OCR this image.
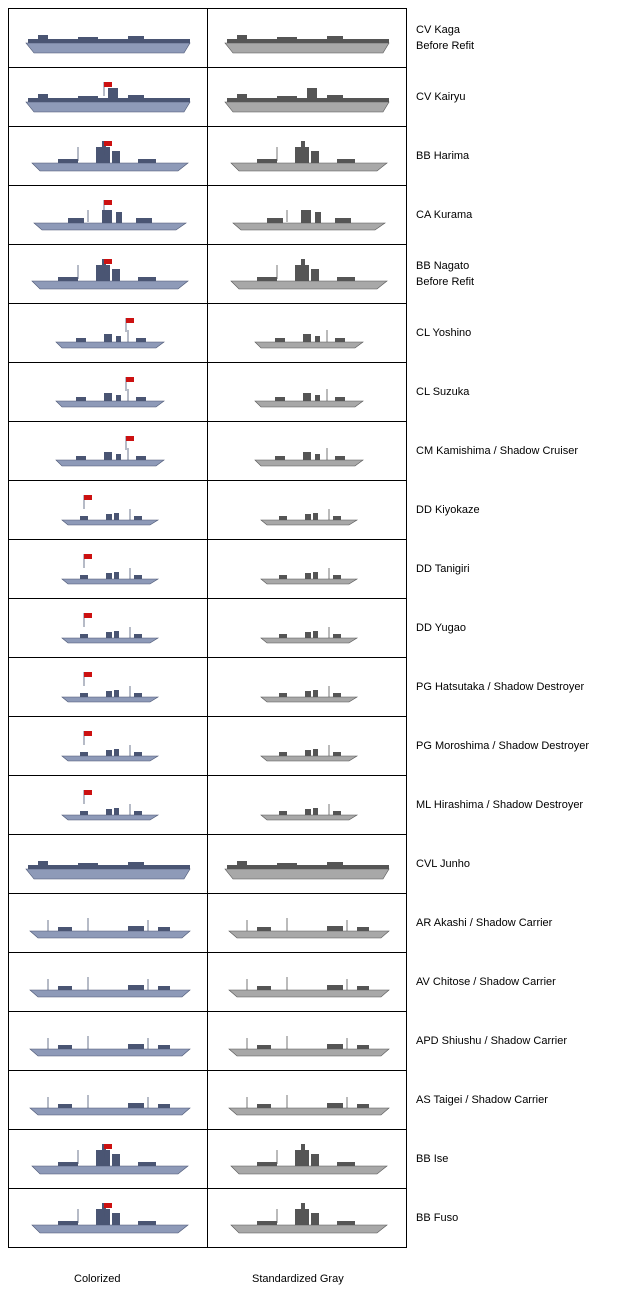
CV Kaga
Before Refit
CV Kairyu
BB Harima
CA Kurama
BB Nagato
Before Refit
CL Yoshino
CL Suzuka
CM Kamishima / Shadow Cruiser
DD Kiyokaze
DD Tanigiri
DD Yugao
PG Hatsutaka / Shadow Destroyer
PG Moroshima / Shadow Destroyer
ML Hirashima / Shadow Destroyer
CVL Junho
AR Akashi / Shadow Carrier
AV Chitose / Shadow Carrier
APD Shiushu / Shadow Carrier
AS Taigei / Shadow Carrier
BB Ise
BB Fuso
Colorized	Standardized Gray
